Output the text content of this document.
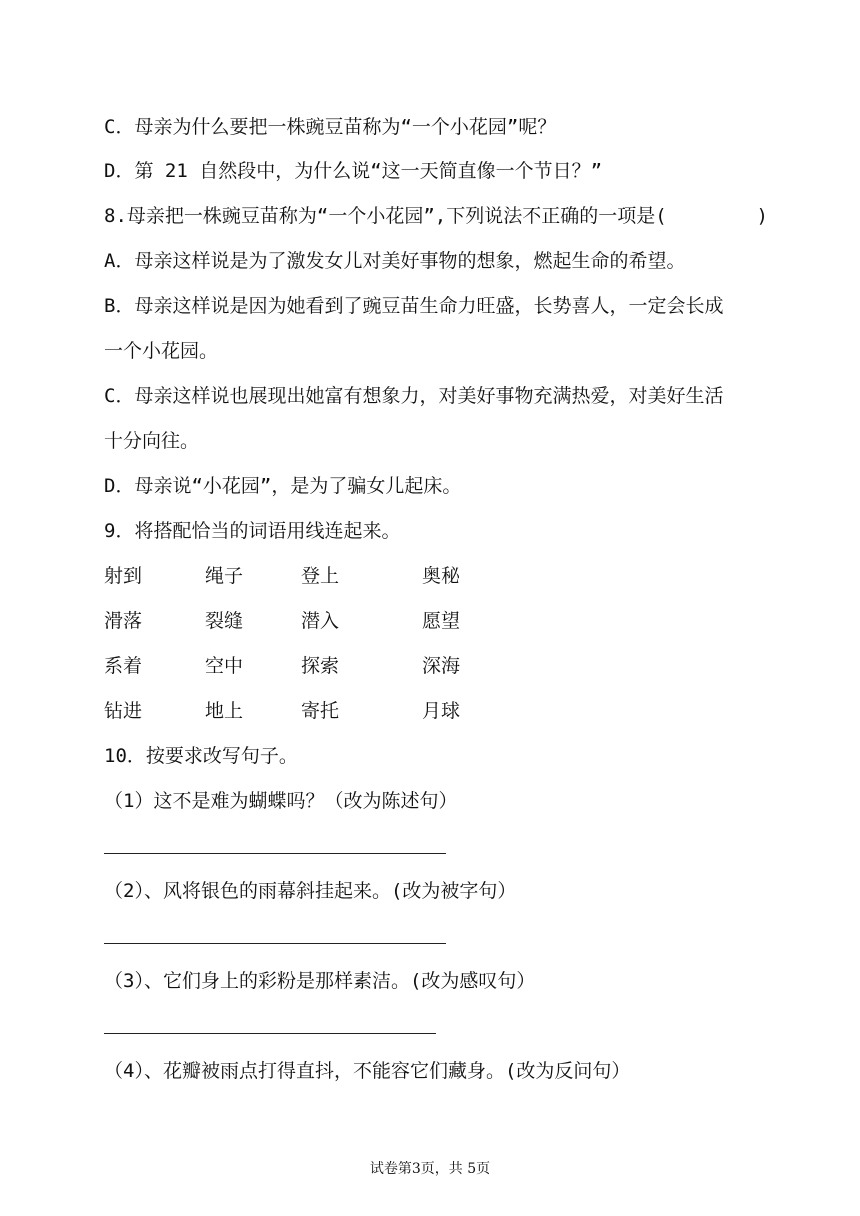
C．母亲为什么要把一株豌豆苗称为“一个小花园”呢？
D．第 21 自然段中，为什么说“这一天简直像一个节日？”
8.母亲把一株豌豆苗称为“一个小花园”,下列说法不正确的一项是(	)
A．母亲这样说是为了激发女儿对美好事物的想象，燃起生命的希望。
B．母亲这样说是因为她看到了豌豆苗生命力旺盛，长势喜人，一定会长成
一个小花园。
C．母亲这样说也展现出她富有想象力，对美好事物充满热爱，对美好生活
十分向往。
D．母亲说“小花园”，是为了骗女儿起床。
9．将搭配恰当的词语用线连起来。
射到	绳子	登上	奥秘
滑落	裂缝	潜入	愿望
系着	空中	探索	深海
钻进	地上	寄托	月球
10．按要求改写句子。
（1）这不是难为蝴蝶吗？（改为陈述句）
（2）、风将银色的雨幕斜挂起来。(改为被字句）
（3）、它们身上的彩粉是那样素洁。(改为感叹句）
（4）、花瓣被雨点打得直抖，不能容它们藏身。(改为反问句）
试卷第3页，共 5页
